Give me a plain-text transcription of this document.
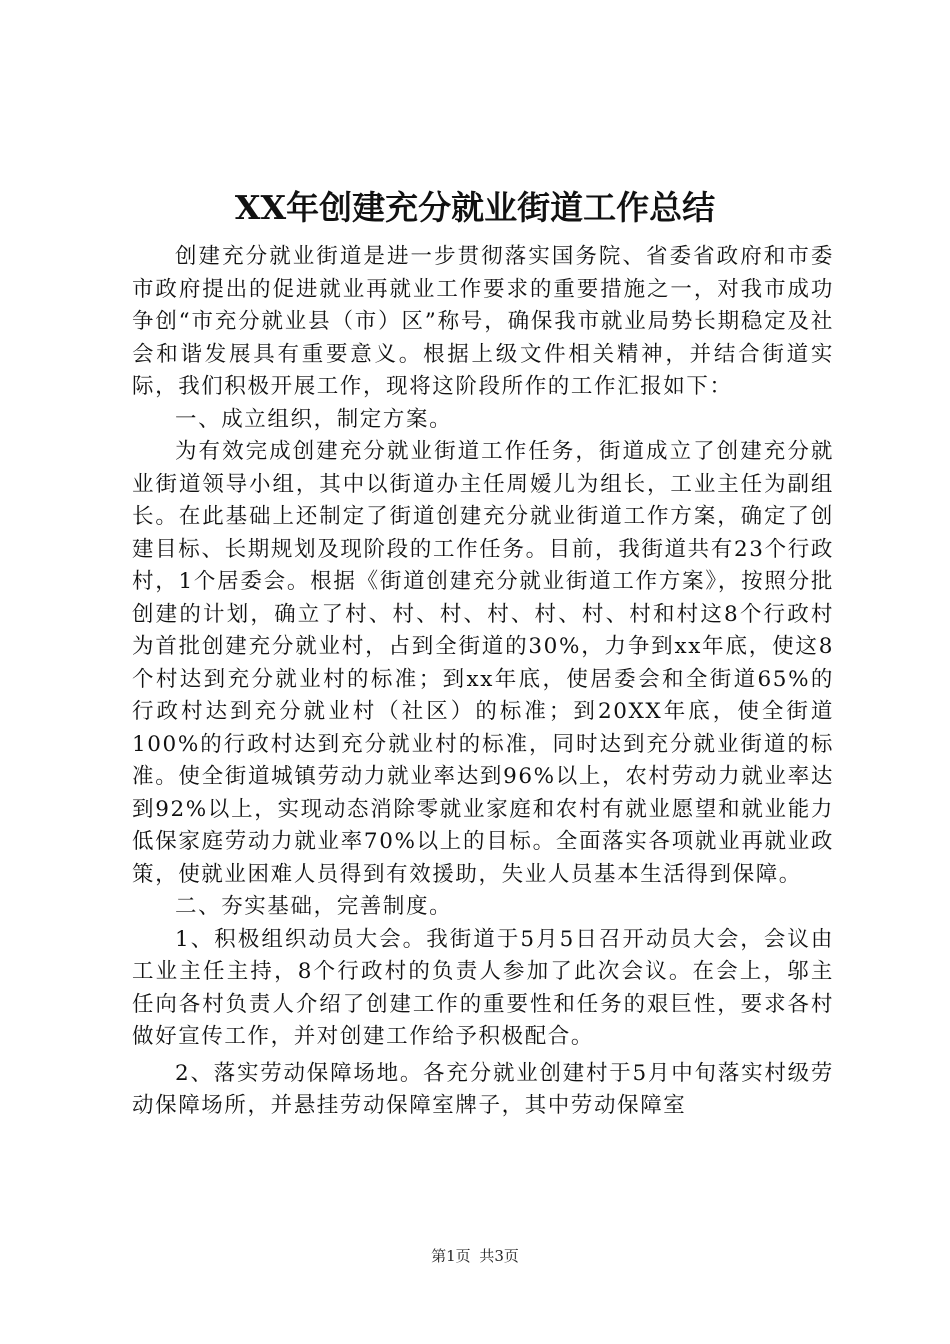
XX年创建充分就业街道工作总结

创建充分就业街道是进一步贯彻落实国务院、省委省政府和市委市政府提出的促进就业再就业工作要求的重要措施之一，对我市成功争创“市充分就业县（市）区”称号，确保我市就业局势长期稳定及社会和谐发展具有重要意义。根据上级文件相关精神，并结合街道实际，我们积极开展工作，现将这阶段所作的工作汇报如下：

一、成立组织，制定方案。

为有效完成创建充分就业街道工作任务，街道成立了创建充分就业街道领导小组，其中以街道办主任周嫒儿为组长，工业主任为副组长。在此基础上还制定了街道创建充分就业街道工作方案，确定了创建目标、长期规划及现阶段的工作任务。目前，我街道共有23个行政村，1个居委会。根据《街道创建充分就业街道工作方案》，按照分批创建的计划，确立了村、村、村、村、村、村、村和村这8个行政村为首批创建充分就业村，占到全街道的30%，力争到xx年底，使这8个村达到充分就业村的标准；到xx年底，使居委会和全街道65%的行政村达到充分就业村（社区）的标准；到20XX年底，使全街道100%的行政村达到充分就业村的标准，同时达到充分就业街道的标准。使全街道城镇劳动力就业率达到96%以上，农村劳动力就业率达到92%以上，实现动态消除零就业家庭和农村有就业愿望和就业能力低保家庭劳动力就业率70%以上的目标。全面落实各项就业再就业政策，使就业困难人员得到有效援助，失业人员基本生活得到保障。

二、夯实基础，完善制度。

1、积极组织动员大会。我街道于5月5日召开动员大会，会议由工业主任主持，8个行政村的负责人参加了此次会议。在会上，邬主任向各村负责人介绍了创建工作的重要性和任务的艰巨性，要求各村做好宣传工作，并对创建工作给予积极配合。

2、落实劳动保障场地。各充分就业创建村于5月中旬落实村级劳动保障场所，并悬挂劳动保障室牌子，其中劳动保障室

第1页 共3页
